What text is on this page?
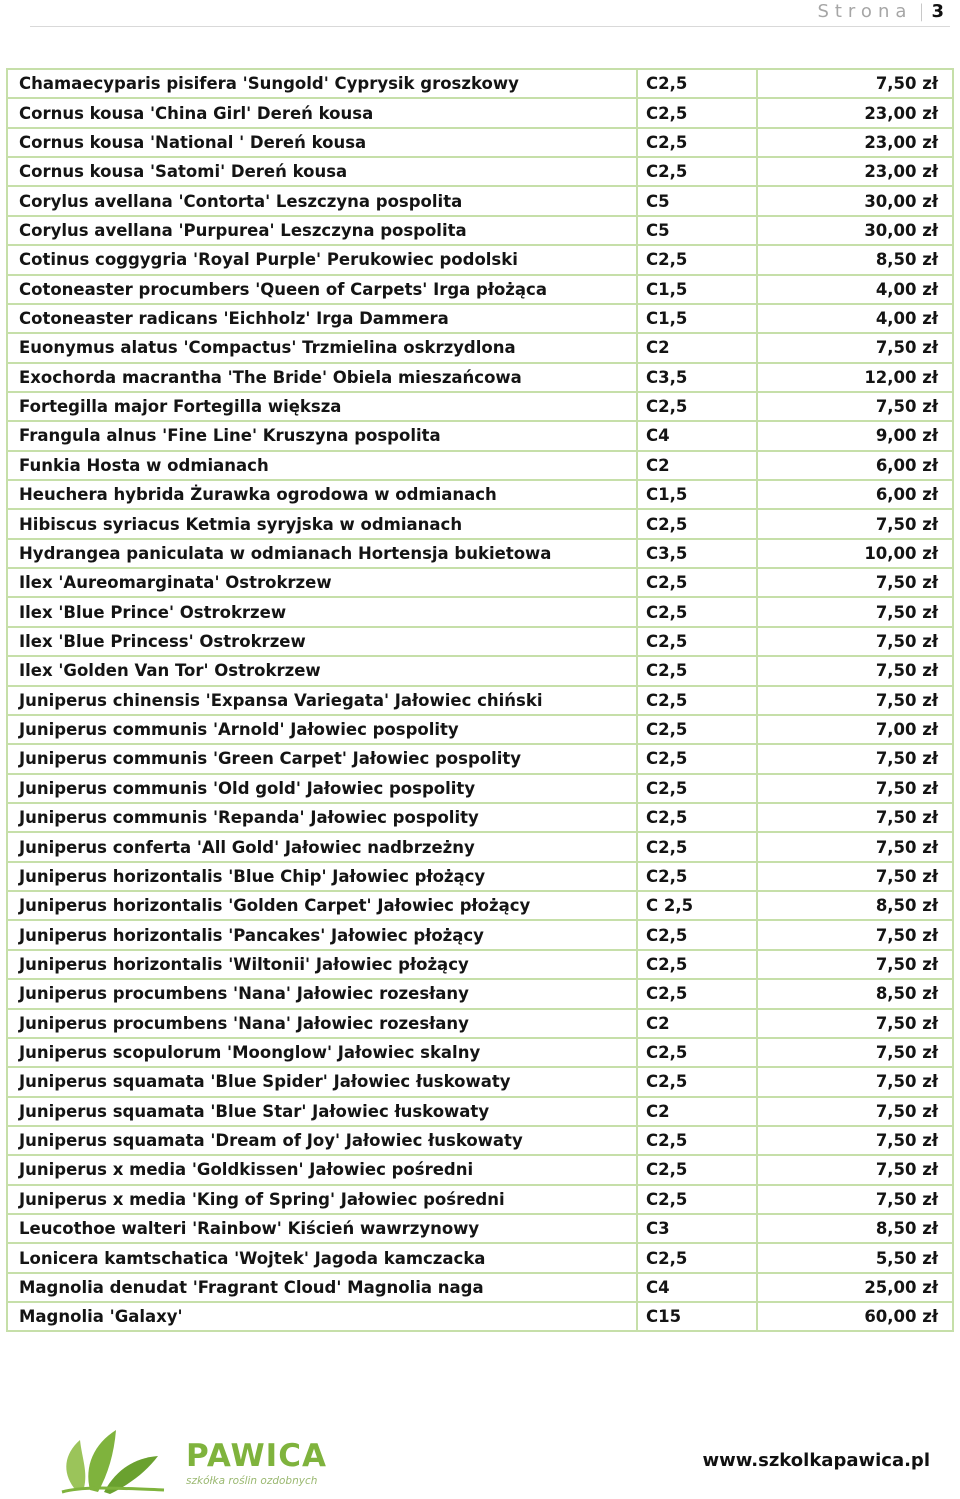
Strona | 3
Chamaecyparis pisifera 'Sungold' Cyprysik groszkowy	C2,5	7,50 zł
Cornus kousa 'China Girl' Dereń kousa	C2,5	23,00 zł
Cornus kousa 'National ' Dereń kousa	C2,5	23,00 zł
Cornus kousa 'Satomi' Dereń kousa	C2,5	23,00 zł
Corylus avellana 'Contorta' Leszczyna pospolita	C5	30,00 zł
Corylus avellana 'Purpurea' Leszczyna pospolita	C5	30,00 zł
Cotinus coggygria 'Royal Purple' Perukowiec podolski	C2,5	8,50 zł
Cotoneaster procumbers 'Queen of Carpets' Irga płożąca	C1,5	4,00 zł
Cotoneaster radicans 'Eichholz' Irga Dammera	C1,5	4,00 zł
Euonymus alatus 'Compactus' Trzmielina oskrzydlona	C2	7,50 zł
Exochorda macrantha 'The Bride' Obiela mieszańcowa	C3,5	12,00 zł
Fortegilla major Fortegilla większa	C2,5	7,50 zł
Frangula alnus 'Fine Line' Kruszyna pospolita	C4	9,00 zł
Funkia Hosta w odmianach	C2	6,00 zł
Heuchera hybrida Żurawka ogrodowa w odmianach	C1,5	6,00 zł
Hibiscus syriacus Ketmia syryjska w odmianach	C2,5	7,50 zł
Hydrangea paniculata w odmianach Hortensja bukietowa	C3,5	10,00 zł
Ilex 'Aureomarginata' Ostrokrzew	C2,5	7,50 zł
Ilex 'Blue Prince' Ostrokrzew	C2,5	7,50 zł
Ilex 'Blue Princess' Ostrokrzew	C2,5	7,50 zł
Ilex 'Golden Van Tor' Ostrokrzew	C2,5	7,50 zł
Juniperus chinensis 'Expansa Variegata' Jałowiec chiński	C2,5	7,50 zł
Juniperus communis 'Arnold' Jałowiec pospolity	C2,5	7,00 zł
Juniperus communis 'Green Carpet' Jałowiec pospolity	C2,5	7,50 zł
Juniperus communis 'Old gold' Jałowiec pospolity	C2,5	7,50 zł
Juniperus communis 'Repanda' Jałowiec pospolity	C2,5	7,50 zł
Juniperus conferta 'All Gold' Jałowiec nadbrzeżny	C2,5	7,50 zł
Juniperus horizontalis 'Blue Chip' Jałowiec płożący	C2,5	7,50 zł
Juniperus horizontalis 'Golden Carpet' Jałowiec płożący	C 2,5	8,50 zł
Juniperus horizontalis 'Pancakes' Jałowiec płożący	C2,5	7,50 zł
Juniperus horizontalis 'Wiltonii' Jałowiec płożący	C2,5	7,50 zł
Juniperus procumbens 'Nana' Jałowiec rozesłany	C2,5	8,50 zł
Juniperus procumbens 'Nana' Jałowiec rozesłany	C2	7,50 zł
Juniperus scopulorum 'Moonglow' Jałowiec skalny	C2,5	7,50 zł
Juniperus squamata 'Blue Spider' Jałowiec łuskowaty	C2,5	7,50 zł
Juniperus squamata 'Blue Star' Jałowiec łuskowaty	C2	7,50 zł
Juniperus squamata 'Dream of Joy' Jałowiec łuskowaty	C2,5	7,50 zł
Juniperus x media 'Goldkissen' Jałowiec pośredni	C2,5	7,50 zł
Juniperus x media 'King of Spring' Jałowiec pośredni	C2,5	7,50 zł
Leucothoe walteri 'Rainbow' Kiścień wawrzynowy	C3	8,50 zł
Lonicera kamtschatica 'Wojtek' Jagoda kamczacka	C2,5	5,50 zł
Magnolia denudat 'Fragrant Cloud' Magnolia naga	C4	25,00 zł
Magnolia 'Galaxy'	C15	60,00 zł
PAWICA
szkółka roślin ozdobnych
www.szkolkapawica.pl
